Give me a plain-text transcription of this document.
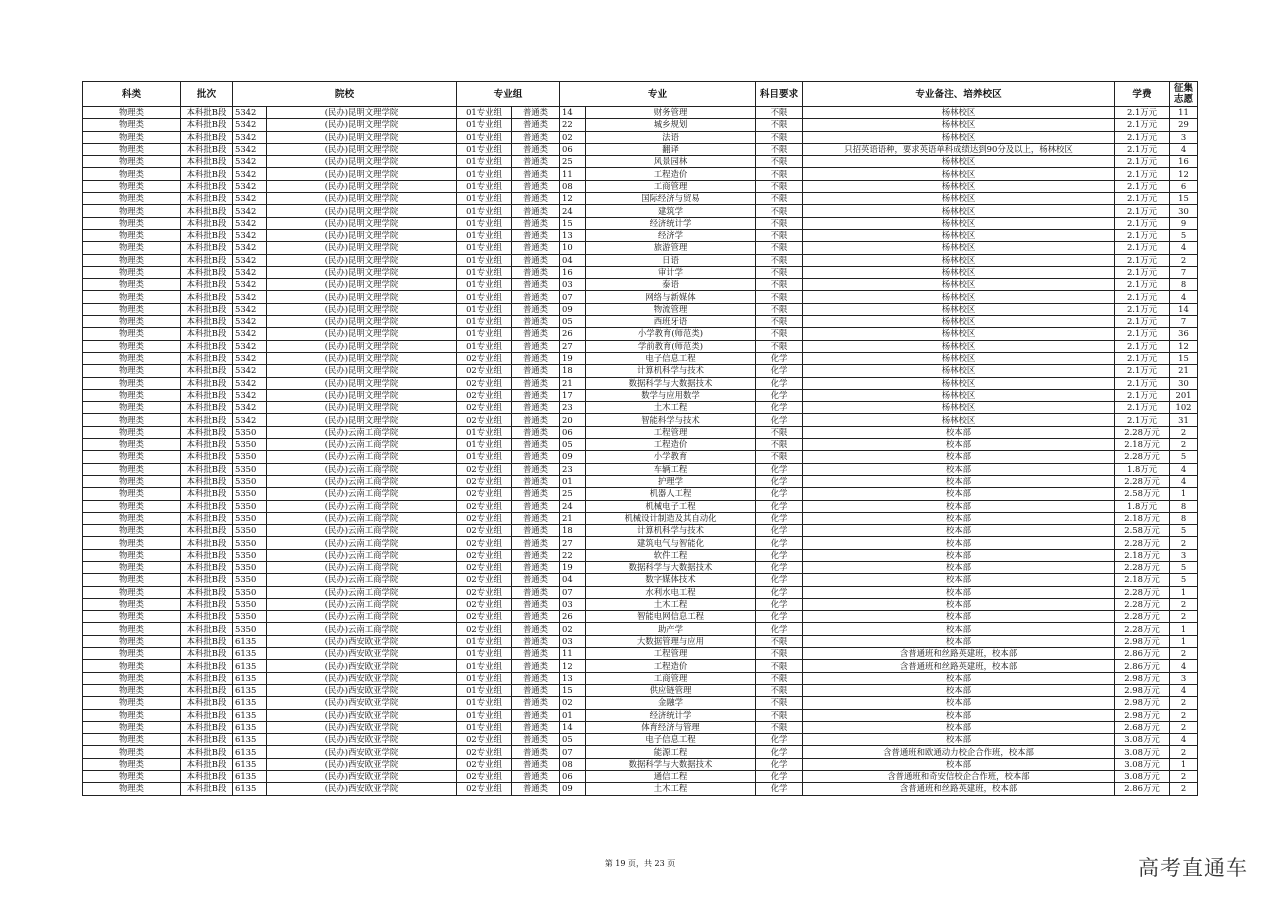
科类	批次	院校		专业组		专业		科目要求	专业备注、培养校区	学费	征集志愿
物理类	本科批B段	5342	(民办)昆明文理学院	01专业组	普通类	14	财务管理	不限	杨林校区	2.1万元	11
物理类	本科批B段	5342	(民办)昆明文理学院	01专业组	普通类	22	城乡规划	不限	杨林校区	2.1万元	29
物理类	本科批B段	5342	(民办)昆明文理学院	01专业组	普通类	02	法语	不限	杨林校区	2.1万元	3
物理类	本科批B段	5342	(民办)昆明文理学院	01专业组	普通类	06	翻译	不限	只招英语语种，要求英语单科成绩达到90分及以上，杨林校区	2.1万元	4
物理类	本科批B段	5342	(民办)昆明文理学院	01专业组	普通类	25	风景园林	不限	杨林校区	2.1万元	16
物理类	本科批B段	5342	(民办)昆明文理学院	01专业组	普通类	11	工程造价	不限	杨林校区	2.1万元	12
物理类	本科批B段	5342	(民办)昆明文理学院	01专业组	普通类	08	工商管理	不限	杨林校区	2.1万元	6
物理类	本科批B段	5342	(民办)昆明文理学院	01专业组	普通类	12	国际经济与贸易	不限	杨林校区	2.1万元	15
物理类	本科批B段	5342	(民办)昆明文理学院	01专业组	普通类	24	建筑学	不限	杨林校区	2.1万元	30
物理类	本科批B段	5342	(民办)昆明文理学院	01专业组	普通类	15	经济统计学	不限	杨林校区	2.1万元	9
物理类	本科批B段	5342	(民办)昆明文理学院	01专业组	普通类	13	经济学	不限	杨林校区	2.1万元	5
物理类	本科批B段	5342	(民办)昆明文理学院	01专业组	普通类	10	旅游管理	不限	杨林校区	2.1万元	4
物理类	本科批B段	5342	(民办)昆明文理学院	01专业组	普通类	04	日语	不限	杨林校区	2.1万元	2
物理类	本科批B段	5342	(民办)昆明文理学院	01专业组	普通类	16	审计学	不限	杨林校区	2.1万元	7
物理类	本科批B段	5342	(民办)昆明文理学院	01专业组	普通类	03	泰语	不限	杨林校区	2.1万元	8
物理类	本科批B段	5342	(民办)昆明文理学院	01专业组	普通类	07	网络与新媒体	不限	杨林校区	2.1万元	4
物理类	本科批B段	5342	(民办)昆明文理学院	01专业组	普通类	09	物流管理	不限	杨林校区	2.1万元	14
物理类	本科批B段	5342	(民办)昆明文理学院	01专业组	普通类	05	西班牙语	不限	杨林校区	2.1万元	7
物理类	本科批B段	5342	(民办)昆明文理学院	01专业组	普通类	26	小学教育(师范类)	不限	杨林校区	2.1万元	36
物理类	本科批B段	5342	(民办)昆明文理学院	01专业组	普通类	27	学前教育(师范类)	不限	杨林校区	2.1万元	12
物理类	本科批B段	5342	(民办)昆明文理学院	02专业组	普通类	19	电子信息工程	化学	杨林校区	2.1万元	15
物理类	本科批B段	5342	(民办)昆明文理学院	02专业组	普通类	18	计算机科学与技术	化学	杨林校区	2.1万元	21
物理类	本科批B段	5342	(民办)昆明文理学院	02专业组	普通类	21	数据科学与大数据技术	化学	杨林校区	2.1万元	30
物理类	本科批B段	5342	(民办)昆明文理学院	02专业组	普通类	17	数学与应用数学	化学	杨林校区	2.1万元	201
物理类	本科批B段	5342	(民办)昆明文理学院	02专业组	普通类	23	土木工程	化学	杨林校区	2.1万元	102
物理类	本科批B段	5342	(民办)昆明文理学院	02专业组	普通类	20	智能科学与技术	化学	杨林校区	2.1万元	31
物理类	本科批B段	5350	(民办)云南工商学院	01专业组	普通类	06	工程管理	不限	校本部	2.28万元	2
物理类	本科批B段	5350	(民办)云南工商学院	01专业组	普通类	05	工程造价	不限	校本部	2.18万元	2
物理类	本科批B段	5350	(民办)云南工商学院	01专业组	普通类	09	小学教育	不限	校本部	2.28万元	5
物理类	本科批B段	5350	(民办)云南工商学院	02专业组	普通类	23	车辆工程	化学	校本部	1.8万元	4
物理类	本科批B段	5350	(民办)云南工商学院	02专业组	普通类	01	护理学	化学	校本部	2.28万元	4
物理类	本科批B段	5350	(民办)云南工商学院	02专业组	普通类	25	机器人工程	化学	校本部	2.58万元	1
物理类	本科批B段	5350	(民办)云南工商学院	02专业组	普通类	24	机械电子工程	化学	校本部	1.8万元	8
物理类	本科批B段	5350	(民办)云南工商学院	02专业组	普通类	21	机械设计制造及其自动化	化学	校本部	2.18万元	8
物理类	本科批B段	5350	(民办)云南工商学院	02专业组	普通类	18	计算机科学与技术	化学	校本部	2.58万元	5
物理类	本科批B段	5350	(民办)云南工商学院	02专业组	普通类	27	建筑电气与智能化	化学	校本部	2.28万元	2
物理类	本科批B段	5350	(民办)云南工商学院	02专业组	普通类	22	软件工程	化学	校本部	2.18万元	3
物理类	本科批B段	5350	(民办)云南工商学院	02专业组	普通类	19	数据科学与大数据技术	化学	校本部	2.28万元	5
物理类	本科批B段	5350	(民办)云南工商学院	02专业组	普通类	04	数字媒体技术	化学	校本部	2.18万元	5
物理类	本科批B段	5350	(民办)云南工商学院	02专业组	普通类	07	水利水电工程	化学	校本部	2.28万元	1
物理类	本科批B段	5350	(民办)云南工商学院	02专业组	普通类	03	土木工程	化学	校本部	2.28万元	2
物理类	本科批B段	5350	(民办)云南工商学院	02专业组	普通类	26	智能电网信息工程	化学	校本部	2.28万元	2
物理类	本科批B段	5350	(民办)云南工商学院	02专业组	普通类	02	助产学	化学	校本部	2.28万元	1
物理类	本科批B段	6135	(民办)西安欧亚学院	01专业组	普通类	03	大数据管理与应用	不限	校本部	2.98万元	1
物理类	本科批B段	6135	(民办)西安欧亚学院	01专业组	普通类	11	工程管理	不限	含普通班和丝路英建班，校本部	2.86万元	2
物理类	本科批B段	6135	(民办)西安欧亚学院	01专业组	普通类	12	工程造价	不限	含普通班和丝路英建班，校本部	2.86万元	4
物理类	本科批B段	6135	(民办)西安欧亚学院	01专业组	普通类	13	工商管理	不限	校本部	2.98万元	3
物理类	本科批B段	6135	(民办)西安欧亚学院	01专业组	普通类	15	供应链管理	不限	校本部	2.98万元	4
物理类	本科批B段	6135	(民办)西安欧亚学院	01专业组	普通类	02	金融学	不限	校本部	2.98万元	2
物理类	本科批B段	6135	(民办)西安欧亚学院	01专业组	普通类	01	经济统计学	不限	校本部	2.98万元	2
物理类	本科批B段	6135	(民办)西安欧亚学院	01专业组	普通类	14	体育经济与管理	不限	校本部	2.68万元	2
物理类	本科批B段	6135	(民办)西安欧亚学院	02专业组	普通类	05	电子信息工程	化学	校本部	3.08万元	4
物理类	本科批B段	6135	(民办)西安欧亚学院	02专业组	普通类	07	能源工程	化学	含普通班和欧通动力校企合作班，校本部	3.08万元	2
物理类	本科批B段	6135	(民办)西安欧亚学院	02专业组	普通类	08	数据科学与大数据技术	化学	校本部	3.08万元	1
物理类	本科批B段	6135	(民办)西安欧亚学院	02专业组	普通类	06	通信工程	化学	含普通班和奇安信校企合作班，校本部	3.08万元	2
物理类	本科批B段	6135	(民办)西安欧亚学院	02专业组	普通类	09	土木工程	化学	含普通班和丝路英建班，校本部	2.86万元	2
第 19 页，共 23 页	高考直通车
